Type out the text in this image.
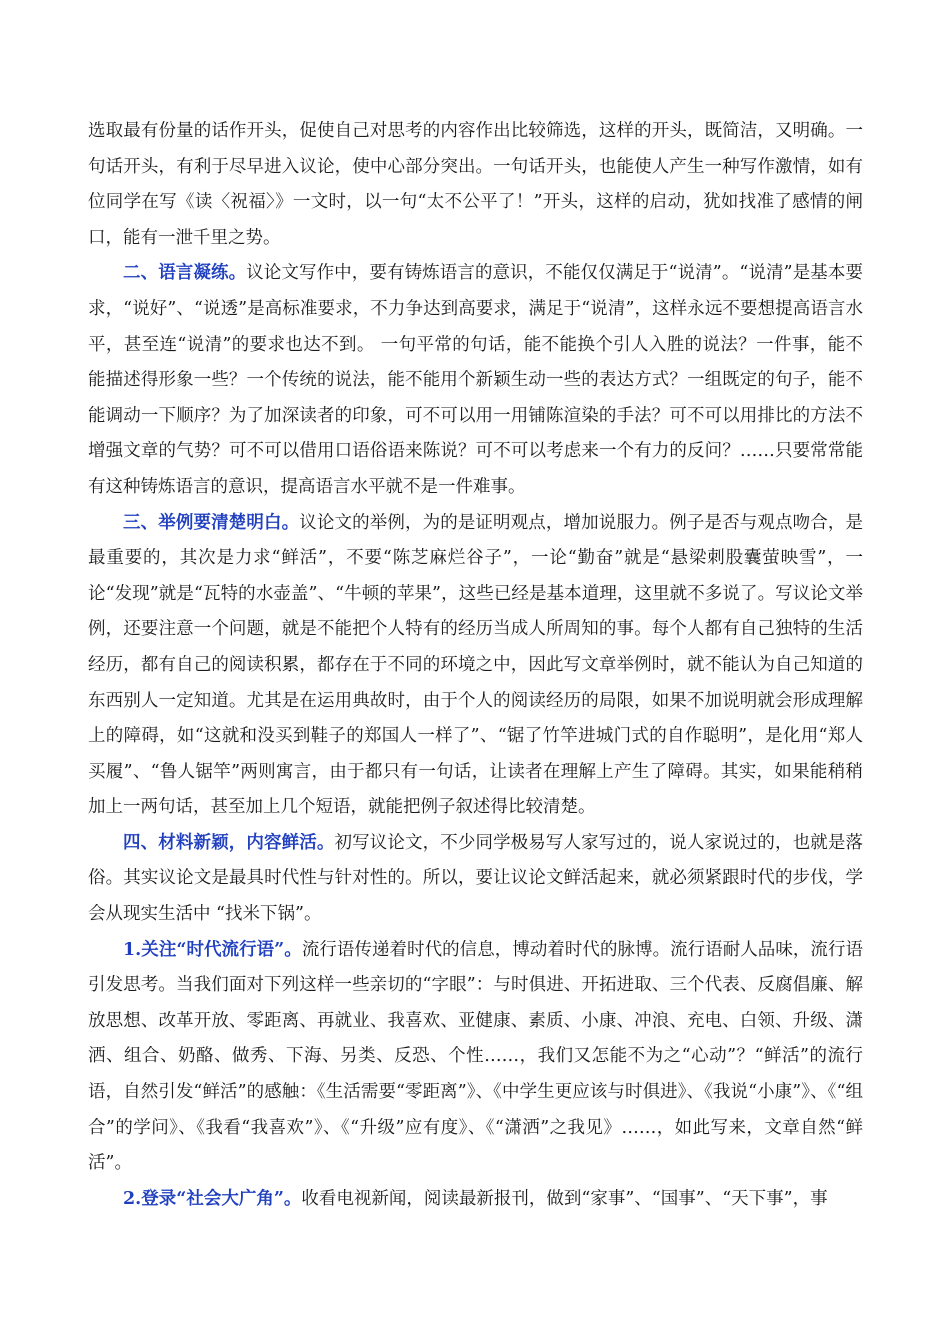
选取最有份量的话作开头，促使自己对思考的内容作出比较筛选，这样的开头，既简洁，又明确。一句话开头，有利于尽早进入议论，使中心部分突出。一句话开头，也能使人产生一种写作激情，如有位同学在写《读〈祝福〉》一文时，以一句“太不公平了！”开头，这样的启动，犹如找准了感情的闸口，能有一泄千里之势。

二、语言凝练。议论文写作中，要有铸炼语言的意识，不能仅仅满足于“说清”。“说清”是基本要求，“说好”、“说透”是高标准要求，不力争达到高要求，满足于“说清”，这样永远不要想提高语言水平，甚至连“说清”的要求也达不到。 一句平常的句话，能不能换个引人入胜的说法？一件事，能不能描述得形象一些？一个传统的说法，能不能用个新颖生动一些的表达方式？一组既定的句子，能不能调动一下顺序？为了加深读者的印象，可不可以用一用铺陈渲染的手法？可不可以用排比的方法不增强文章的气势？可不可以借用口语俗语来陈说？可不可以考虑来一个有力的反问？……只要常常能有这种铸炼语言的意识，提高语言水平就不是一件难事。

三、举例要清楚明白。议论文的举例，为的是证明观点，增加说服力。例子是否与观点吻合，是最重要的，其次是力求“鲜活”，不要“陈芝麻烂谷子”，一论“勤奋”就是“悬梁刺股囊萤映雪”，一论“发现”就是“瓦特的水壶盖”、“牛顿的苹果”，这些已经是基本道理，这里就不多说了。写议论文举例，还要注意一个问题，就是不能把个人特有的经历当成人所周知的事。每个人都有自己独特的生活经历，都有自己的阅读积累，都存在于不同的环境之中，因此写文章举例时，就不能认为自己知道的东西别人一定知道。尤其是在运用典故时，由于个人的阅读经历的局限，如果不加说明就会形成理解上的障碍，如“这就和没买到鞋子的郑国人一样了”、“锯了竹竿进城门式的自作聪明”，是化用“郑人买履”、“鲁人锯竿”两则寓言，由于都只有一句话，让读者在理解上产生了障碍。其实，如果能稍稍加上一两句话，甚至加上几个短语，就能把例子叙述得比较清楚。

四、材料新颖，内容鲜活。初写议论文，不少同学极易写人家写过的，说人家说过的，也就是落俗。其实议论文是最具时代性与针对性的。所以，要让议论文鲜活起来，就必须紧跟时代的步伐，学会从现实生活中 “找米下锅”。

1.关注“时代流行语”。流行语传递着时代的信息，博动着时代的脉博。流行语耐人品味，流行语引发思考。当我们面对下列这样一些亲切的“字眼”：与时俱进、开拓进取、三个代表、反腐倡廉、解放思想、改革开放、零距离、再就业、我喜欢、亚健康、素质、小康、冲浪、充电、白领、升级、潇洒、组合、奶酪、做秀、下海、另类、反恐、个性……，我们又怎能不为之“心动”？“鲜活”的流行语，自然引发“鲜活”的感触：《生活需要“零距离”》、《中学生更应该与时俱进》、《我说“小康”》、《“组合”的学问》、《我看“我喜欢”》、《“升级”应有度》、《“潇洒”之我见》……，如此写来，文章自然“鲜活”。

2.登录“社会大广角”。收看电视新闻，阅读最新报刊，做到“家事”、“国事”、“天下事”，事
